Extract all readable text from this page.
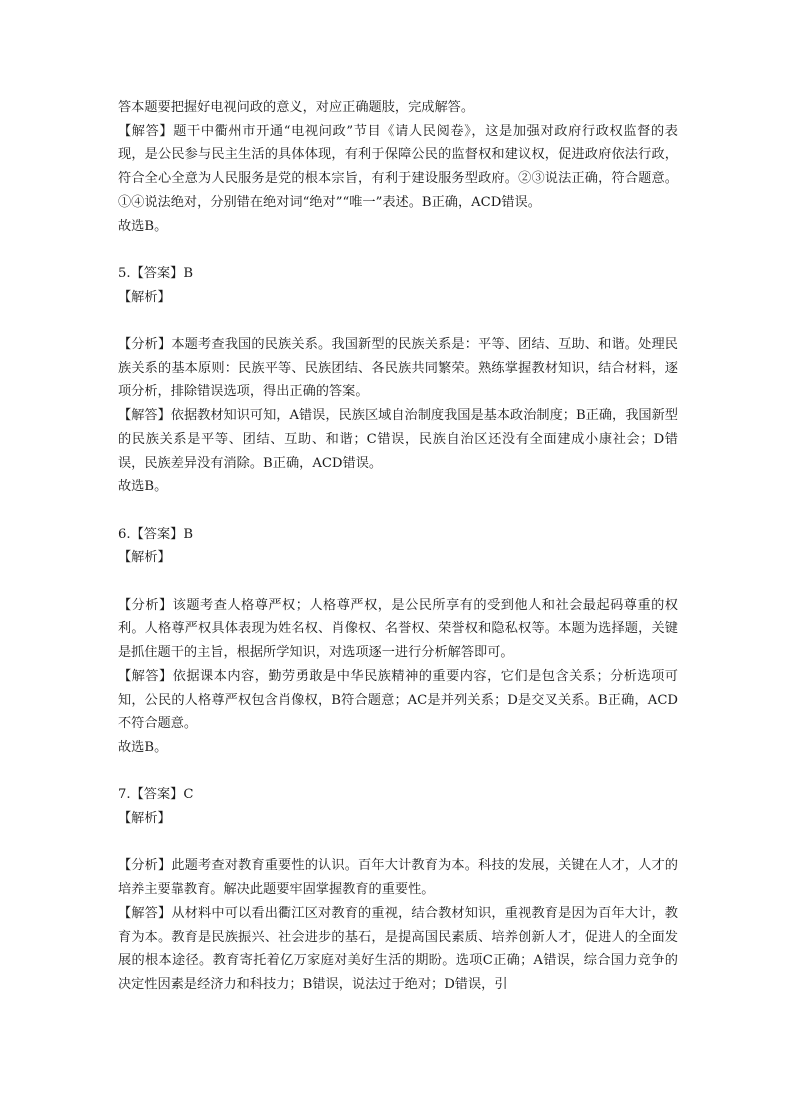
答本题要把握好电视问政的意义，对应正确题肢，完成解答。

【解答】题干中衢州市开通“电视问政”节目《请人民阅卷》，这是加强对政府行政权监督的表现，是公民参与民主生活的具体体现，有利于保障公民的监督权和建议权，促进政府依法行政，符合全心全意为人民服务是党的根本宗旨，有利于建设服务型政府。②③说法正确，符合题意。①④说法绝对，分别错在绝对词“绝对”“唯一”表述。B正确，ACD错误。

故选B。

5.【答案】B

【解析】

【分析】本题考查我国的民族关系。我国新型的民族关系是：平等、团结、互助、和谐。处理民族关系的基本原则：民族平等、民族团结、各民族共同繁荣。熟练掌握教材知识，结合材料，逐项分析，排除错误选项，得出正确的答案。

【解答】依据教材知识可知，A错误，民族区域自治制度我国是基本政治制度；B正确，我国新型的民族关系是平等、团结、互助、和谐；C错误，民族自治区还没有全面建成小康社会；D错误，民族差异没有消除。B正确，ACD错误。

故选B。

6.【答案】B

【解析】

【分析】该题考查人格尊严权；人格尊严权，是公民所享有的受到他人和社会最起码尊重的权利。人格尊严权具体表现为姓名权、肖像权、名誉权、荣誉权和隐私权等。本题为选择题，关键是抓住题干的主旨，根据所学知识，对选项逐一进行分析解答即可。

【解答】依据课本内容，勤劳勇敢是中华民族精神的重要内容，它们是包含关系；分析选项可知，公民的人格尊严权包含肖像权，B符合题意；AC是并列关系；D是交叉关系。B正确，ACD不符合题意。

故选B。

7.【答案】C

【解析】

【分析】此题考查对教育重要性的认识。百年大计教育为本。科技的发展，关键在人才，人才的培养主要靠教育。解决此题要牢固掌握教育的重要性。

【解答】从材料中可以看出衢江区对教育的重视，结合教材知识，重视教育是因为百年大计，教育为本。教育是民族振兴、社会进步的基石，是提高国民素质、培养创新人才，促进人的全面发展的根本途径。教育寄托着亿万家庭对美好生活的期盼。选项C正确；A错误，综合国力竞争的决定性因素是经济力和科技力；B错误，说法过于绝对；D错误，引
